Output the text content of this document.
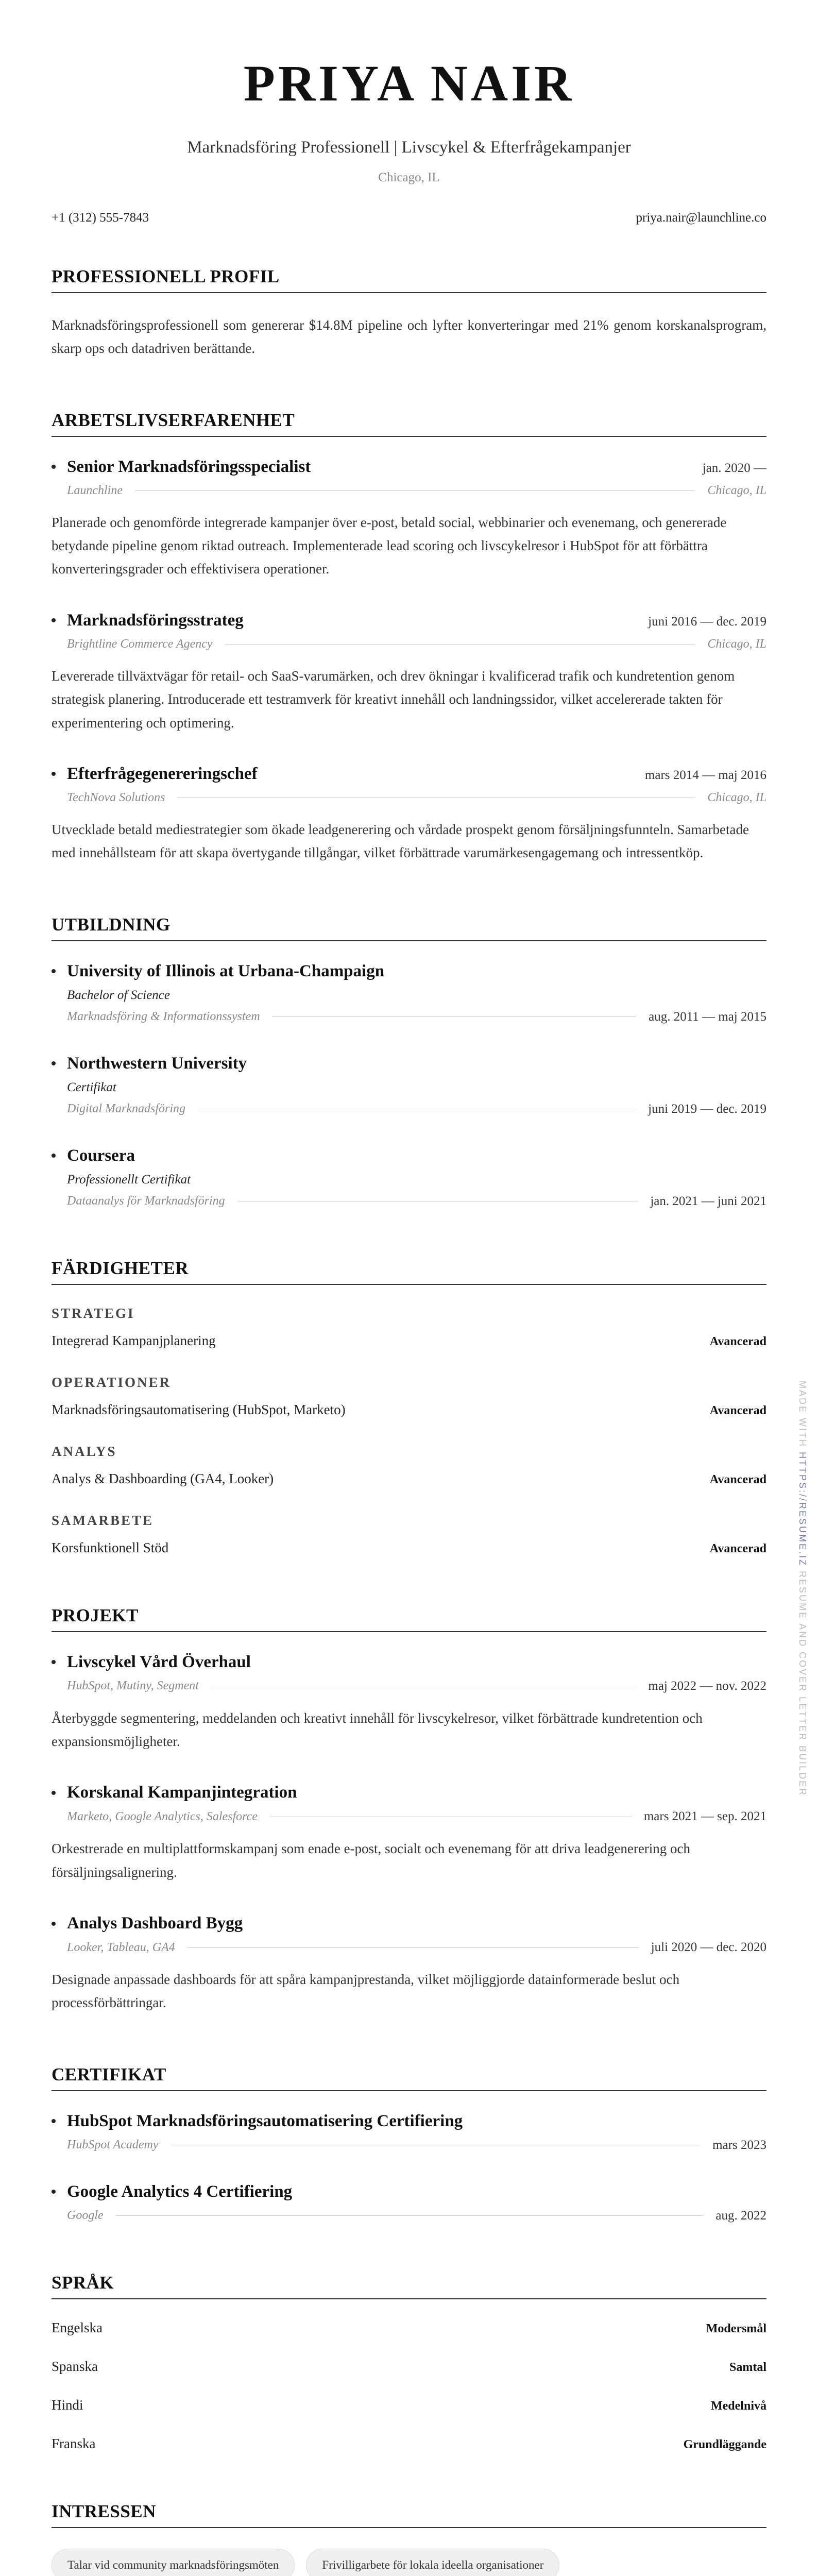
PRIYA NAIR
Marknadsföring Professionell | Livscykel & Efterfrågekampanjer
Chicago, IL
+1 (312) 555-7843	priya.nair@launchline.co
PROFESSIONELL PROFIL

Marknadsföringsprofessionell som genererar $14.8M pipeline och lyfter konverteringar med 21% genom korskanalsprogram, skarp ops och datadriven berättande.

ARBETSLIVSERFARENHET
Senior Marknadsföringsspecialist	jan. 2020 —
Launchline	Chicago, IL

Planerade och genomförde integrerade kampanjer över e-post, betald social, webbinarier och evenemang, och genererade betydande pipeline genom riktad outreach. Implementerade lead scoring och livscykelresor i HubSpot för att förbättra konverteringsgrader och effektivisera operationer.

Marknadsföringsstrateg	juni 2016 — dec. 2019
Brightline Commerce Agency	Chicago, IL

Levererade tillväxtvägar för retail- och SaaS-varumärken, och drev ökningar i kvalificerad trafik och kundretention genom strategisk planering. Introducerade ett testramverk för kreativt innehåll och landningssidor, vilket accelererade takten för experimentering och optimering.

Efterfrågegenereringschef	mars 2014 — maj 2016
TechNova Solutions	Chicago, IL

Utvecklade betald mediestrategier som ökade leadgenerering och vårdade prospekt genom försäljningsfunnteln. Samarbetade med innehållsteam för att skapa övertygande tillgångar, vilket förbättrade varumärkesengagemang och intressentköp.

UTBILDNING
University of Illinois at Urbana-Champaign
Bachelor of Science
Marknadsföring & Informationssystem	aug. 2011 — maj 2015
Northwestern University
Certifikat
Digital Marknadsföring	juni 2019 — dec. 2019
Coursera
Professionellt Certifikat
Dataanalys för Marknadsföring	jan. 2021 — juni 2021
FÄRDIGHETER
STRATEGI
Integrerad Kampanjplanering	Avancerad
OPERATIONER
Marknadsföringsautomatisering (HubSpot, Marketo)	Avancerad
ANALYS
Analys & Dashboarding (GA4, Looker)	Avancerad
SAMARBETE
Korsfunktionell Stöd	Avancerad
PROJEKT
Livscykel Vård Överhaul
HubSpot, Mutiny, Segment	maj 2022 — nov. 2022

Återbyggde segmentering, meddelanden och kreativt innehåll för livscykelresor, vilket förbättrade kundretention och expansionsmöjligheter.

Korskanal Kampanjintegration
Marketo, Google Analytics, Salesforce	mars 2021 — sep. 2021

Orkestrerade en multiplattformskampanj som enade e-post, socialt och evenemang för att driva leadgenerering och försäljningsalignering.

Analys Dashboard Bygg
Looker, Tableau, GA4	juli 2020 — dec. 2020

Designade anpassade dashboards för att spåra kampanjprestanda, vilket möjliggjorde datainformerade beslut och processförbättringar.

CERTIFIKAT
HubSpot Marknadsföringsautomatisering Certifiering
HubSpot Academy	mars 2023
Google Analytics 4 Certifiering
Google	aug. 2022
SPRÅK
Engelska	Modersmål
Spanska	Samtal
Hindi	Medelnivå
Franska	Grundläggande
INTRESSEN
Talar vid community marknadsföringsmöten	Frivilligarbete för lokala ideella organisationer

MADE WITH HTTPS://RESUME.IZ RESUME AND COVER LETTER BUILDER
